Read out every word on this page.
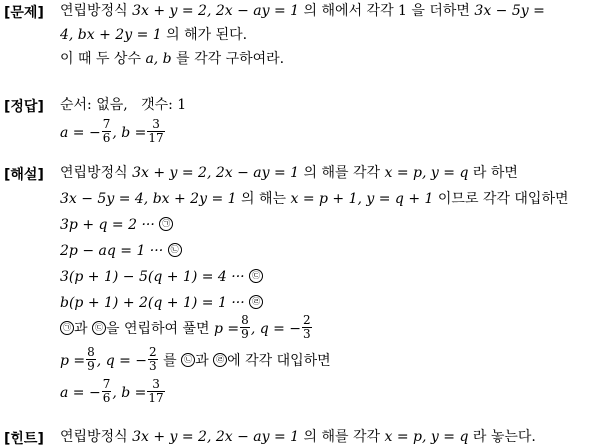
[문제] 연립방정식 3x + y = 2, 2x − ay = 1 의 해에서 각각 1 을 더하면 3x − 5y =
4, bx + 2y = 1 의 해가 된다.
이 때 두 상수 a, b 를 각각 구하여라.
[정답] 순서: 없음, 갯수: 1
a = − $\frac{7}{6}$ , $b = \frac{3}{17}$
[해설] 연립방정식 3x + y = 2, 2x − ay = 1 의 해를 각각 x = p, y = q 라 하면
3x − 5y = 4, bx + 2y = 1 의 해는 x = p + 1, y = q + 1 이므로 각각 대입하면
3p + q = 2 ··· ㉠
2p − aq = 1 ··· ㉡
3(p + 1) − 5(q + 1) = 4 ··· ㉢
b(p + 1) + 2(q + 1) = 1 ··· ㉣
㉠ 과 ㉢ 을 연립하여 풀면 $p = \frac{8}{9}$ , q = − $\frac{2}{3}$
$p = \frac{8}{9}$ , q = − $\frac{2}{3}$ 를 ㉡ 과 ㉣ 에 각각 대입하면
a = − $\frac{7}{6}$ , $b = \frac{3}{17}$
[힌트] 연립방정식 3x + y = 2, 2x − ay = 1 의 해를 각각 x = p, y = q 라 놓는다.
